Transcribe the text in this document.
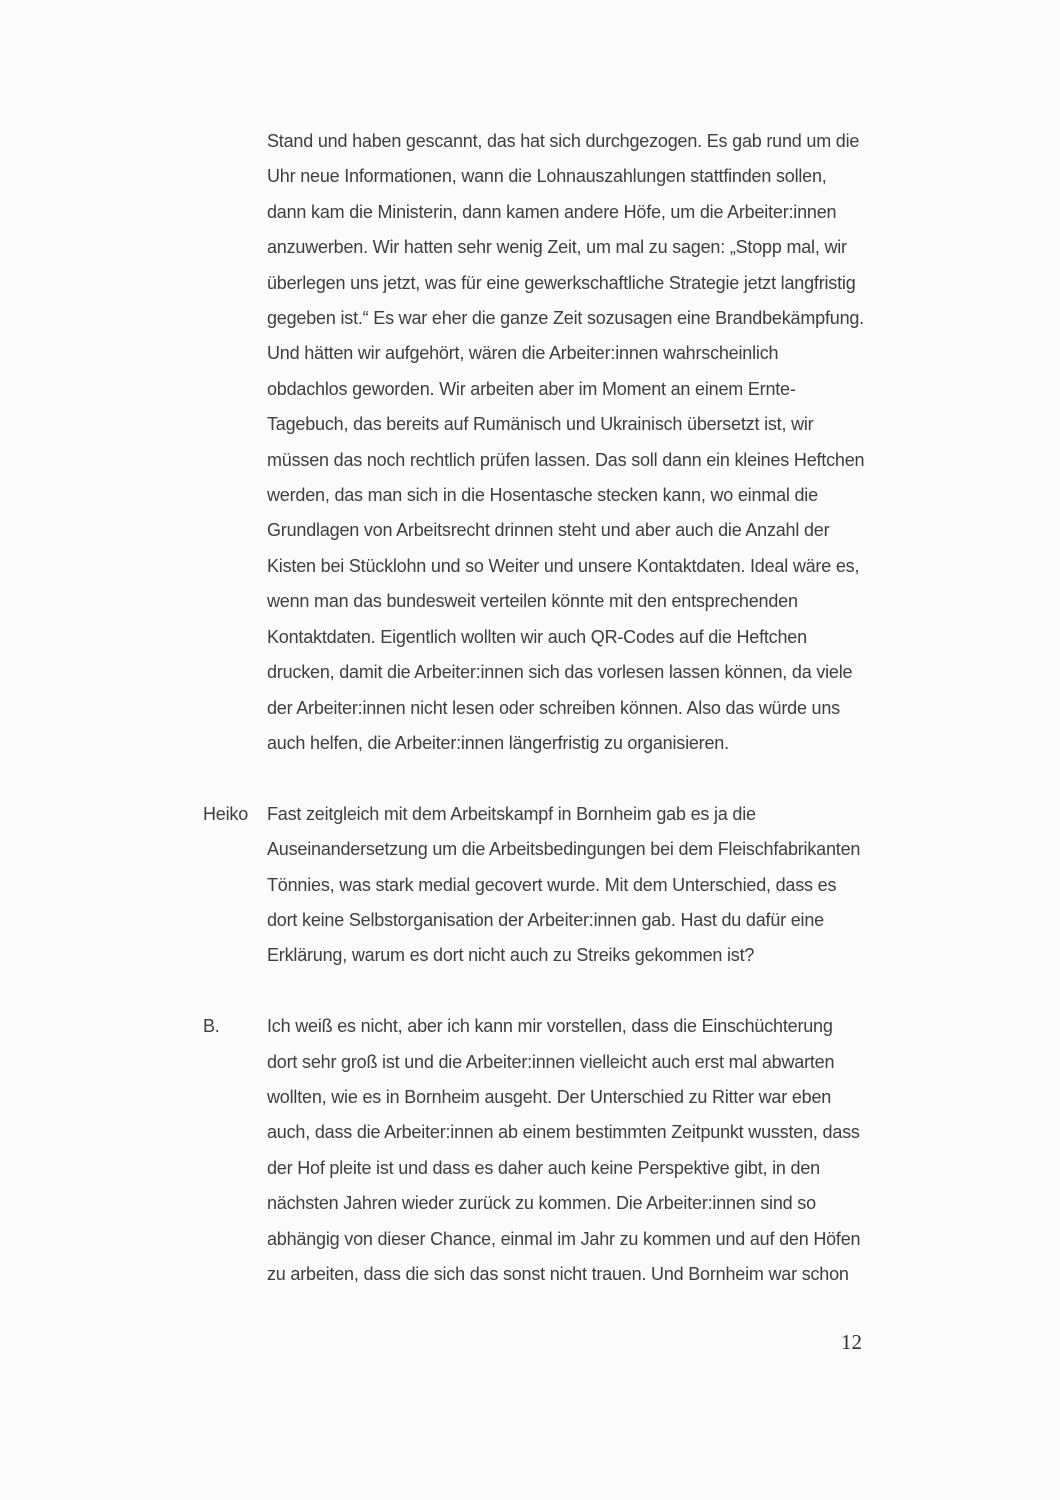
Stand und haben gescannt, das hat sich durchgezogen. Es gab rund um die
Uhr neue Informationen, wann die Lohnauszahlungen stattfinden sollen,
dann kam die Ministerin, dann kamen andere Höfe, um die Arbeiter:innen
anzuwerben. Wir hatten sehr wenig Zeit, um mal zu sagen: „Stopp mal, wir
überlegen uns jetzt, was für eine gewerkschaftliche Strategie jetzt langfristig
gegeben ist.“ Es war eher die ganze Zeit sozusagen eine Brandbekämpfung.
Und hätten wir aufgehört, wären die Arbeiter:innen wahrscheinlich
obdachlos geworden. Wir arbeiten aber im Moment an einem Ernte-
Tagebuch, das bereits auf Rumänisch und Ukrainisch übersetzt ist, wir
müssen das noch rechtlich prüfen lassen. Das soll dann ein kleines Heftchen
werden, das man sich in die Hosentasche stecken kann, wo einmal die
Grundlagen von Arbeitsrecht drinnen steht und aber auch die Anzahl der
Kisten bei Stücklohn und so Weiter und unsere Kontaktdaten. Ideal wäre es,
wenn man das bundesweit verteilen könnte mit den entsprechenden
Kontaktdaten. Eigentlich wollten wir auch QR-Codes auf die Heftchen
drucken, damit die Arbeiter:innen sich das vorlesen lassen können, da viele
der Arbeiter:innen nicht lesen oder schreiben können. Also das würde uns
auch helfen, die Arbeiter:innen längerfristig zu organisieren.
Heiko	Fast zeitgleich mit dem Arbeitskampf in Bornheim gab es ja die
Auseinandersetzung um die Arbeitsbedingungen bei dem Fleischfabrikanten
Tönnies, was stark medial gecovert wurde. Mit dem Unterschied, dass es
dort keine Selbstorganisation der Arbeiter:innen gab. Hast du dafür eine
Erklärung, warum es dort nicht auch zu Streiks gekommen ist?
B.	Ich weiß es nicht, aber ich kann mir vorstellen, dass die Einschüchterung
dort sehr groß ist und die Arbeiter:innen vielleicht auch erst mal abwarten
wollten, wie es in Bornheim ausgeht. Der Unterschied zu Ritter war eben
auch, dass die Arbeiter:innen ab einem bestimmten Zeitpunkt wussten, dass
der Hof pleite ist und dass es daher auch keine Perspektive gibt, in den
nächsten Jahren wieder zurück zu kommen. Die Arbeiter:innen sind so
abhängig von dieser Chance, einmal im Jahr zu kommen und auf den Höfen
zu arbeiten, dass die sich das sonst nicht trauen. Und Bornheim war schon
12
